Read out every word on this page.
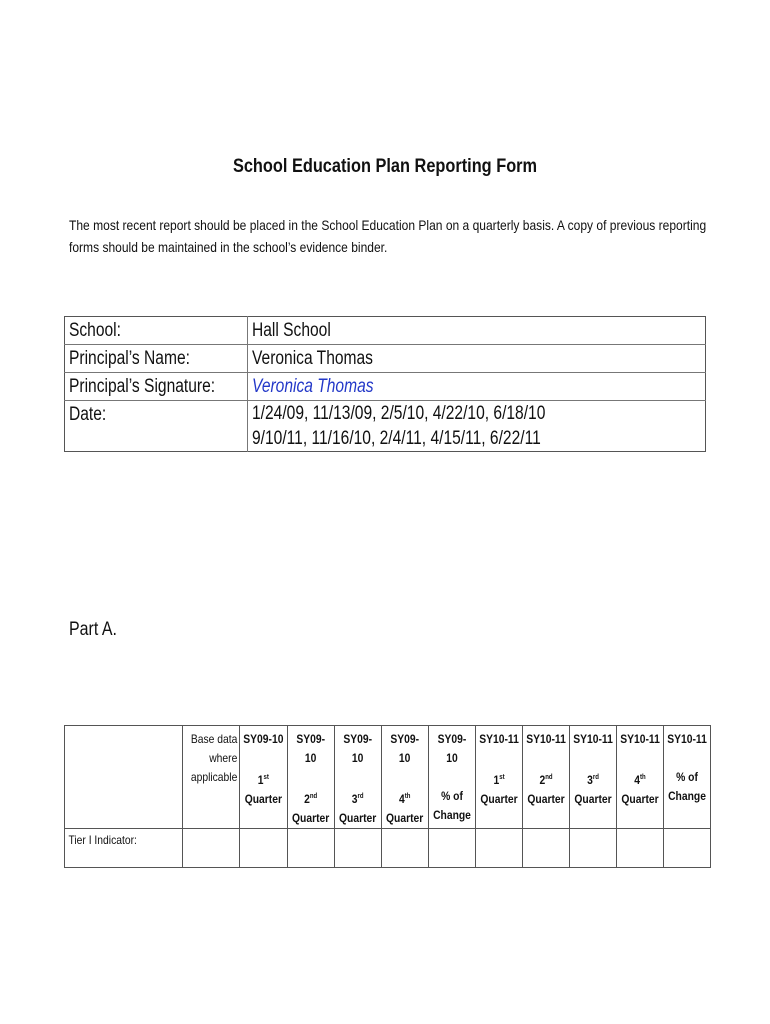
School Education Plan Reporting Form
The most recent report should be placed in the School Education Plan on a quarterly basis. A copy of previous reporting
forms should be maintained in the school’s evidence binder.
School:	Hall School
Principal’s Name:	Veronica Thomas
Principal’s Signature:	Veronica Thomas
Date:	1/24/09, 11/13/09, 2/5/10, 4/22/10, 6/18/10
9/10/11, 11/16/10, 2/4/11, 4/15/11, 6/22/11
Part A.

	Base data
where
applicable	SY09-10

1st
Quarter	SY09-
10

2nd
Quarter	SY09-
10

3rd
Quarter	SY09-
10

4th
Quarter	SY09-
10

% of
Change	SY10-11

1st
Quarter	SY10-11

2nd
Quarter	SY10-11

3rd
Quarter	SY10-11

4th
Quarter	SY10-11

% of
Change

Tier I Indicator:											
